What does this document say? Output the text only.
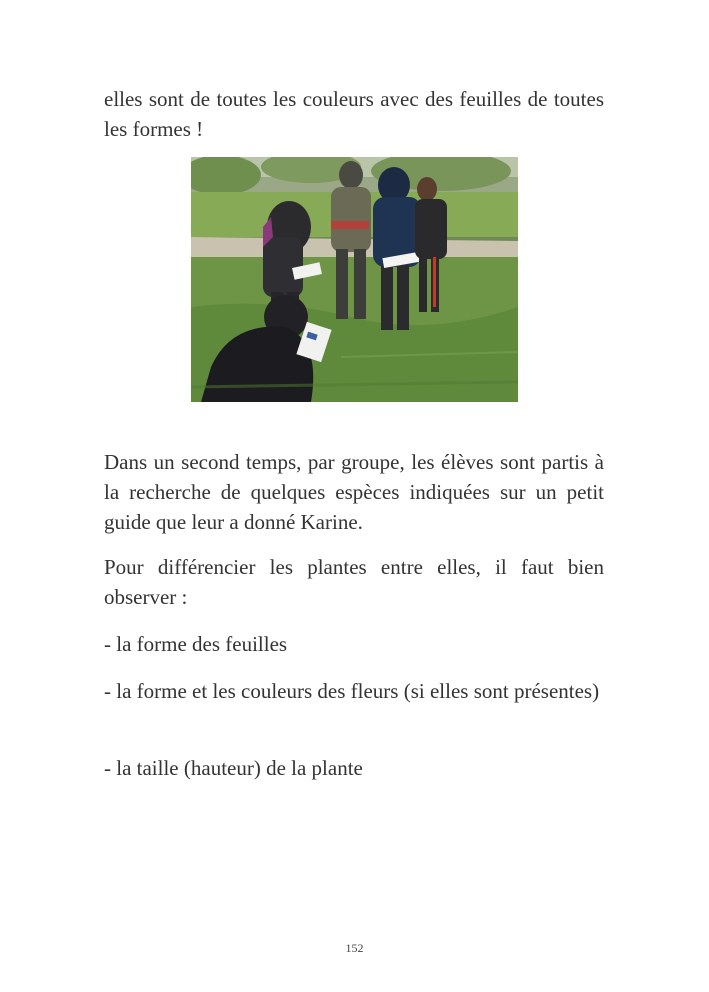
elles sont de toutes les couleurs avec des feuilles de toutes les formes !

Dans un second temps, par groupe, les élèves sont partis à la recherche de quelques espèces indiquées sur un petit guide que leur a donné Karine.

Pour différencier les plantes entre elles, il faut bien observer :

- la forme des feuilles

- la forme et les couleurs des fleurs (si elles sont présentes)

- la taille (hauteur) de la plante

152
